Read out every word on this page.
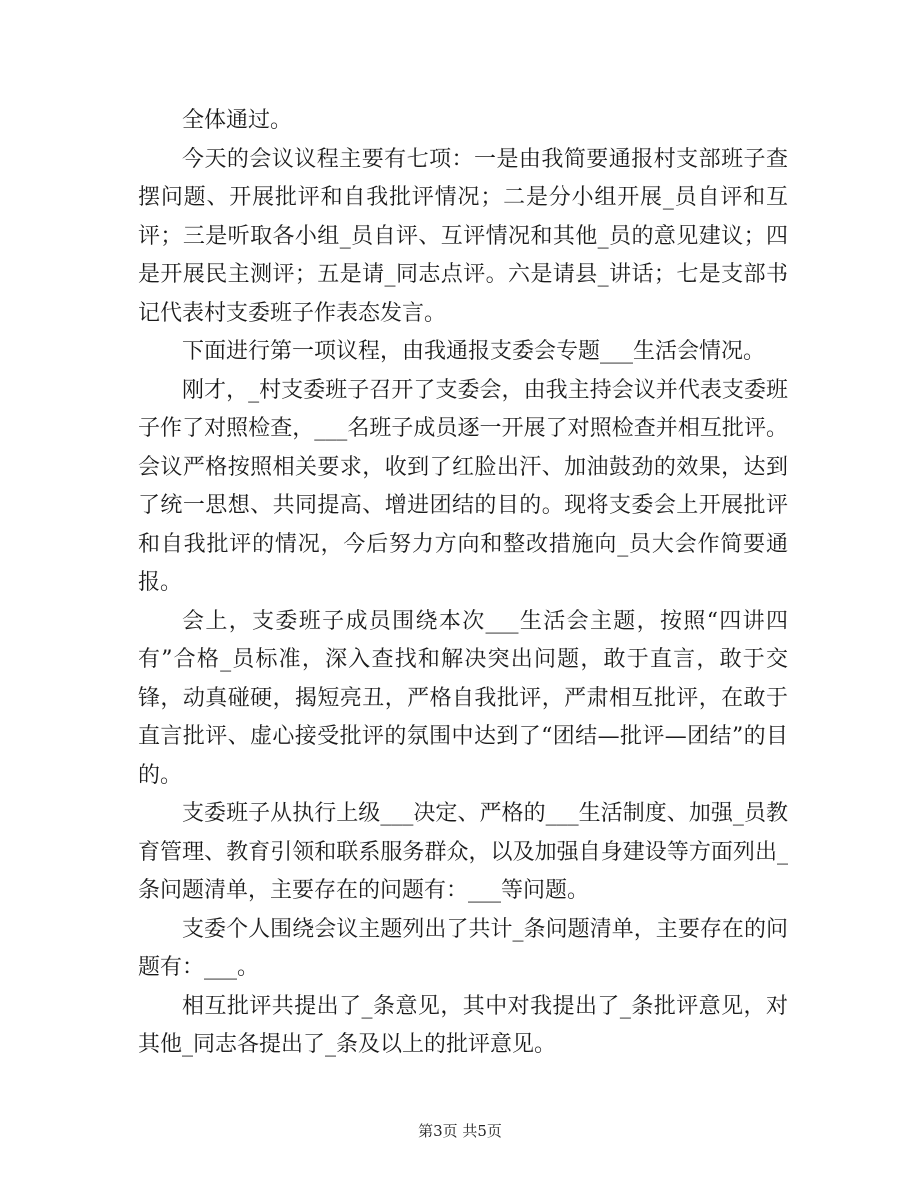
全体通过。

今天的会议议程主要有七项：一是由我简要通报村支部班子查摆问题、开展批评和自我批评情况；二是分小组开展_员自评和互评；三是听取各小组_员自评、互评情况和其他_员的意见建议；四是开展民主测评；五是请_同志点评。六是请县_讲话；七是支部书记代表村支委班子作表态发言。

下面进行第一项议程，由我通报支委会专题___生活会情况。

刚才，_村支委班子召开了支委会，由我主持会议并代表支委班子作了对照检查，___名班子成员逐一开展了对照检查并相互批评。会议严格按照相关要求，收到了红脸出汗、加油鼓劲的效果，达到了统一思想、共同提高、增进团结的目的。现将支委会上开展批评和自我批评的情况，今后努力方向和整改措施向_员大会作简要通报。

会上，支委班子成员围绕本次___生活会主题，按照“四讲四有”合格_员标准，深入查找和解决突出问题，敢于直言，敢于交锋，动真碰硬，揭短亮丑，严格自我批评，严肃相互批评，在敢于直言批评、虚心接受批评的氛围中达到了“团结—批评—团结”的目的。

支委班子从执行上级___决定、严格的___生活制度、加强_员教育管理、教育引领和联系服务群众，以及加强自身建设等方面列出_条问题清单，主要存在的问题有：___等问题。

支委个人围绕会议主题列出了共计_条问题清单，主要存在的问题有：___。

相互批评共提出了_条意见，其中对我提出了_条批评意见，对其他_同志各提出了_条及以上的批评意见。

第3页 共5页
